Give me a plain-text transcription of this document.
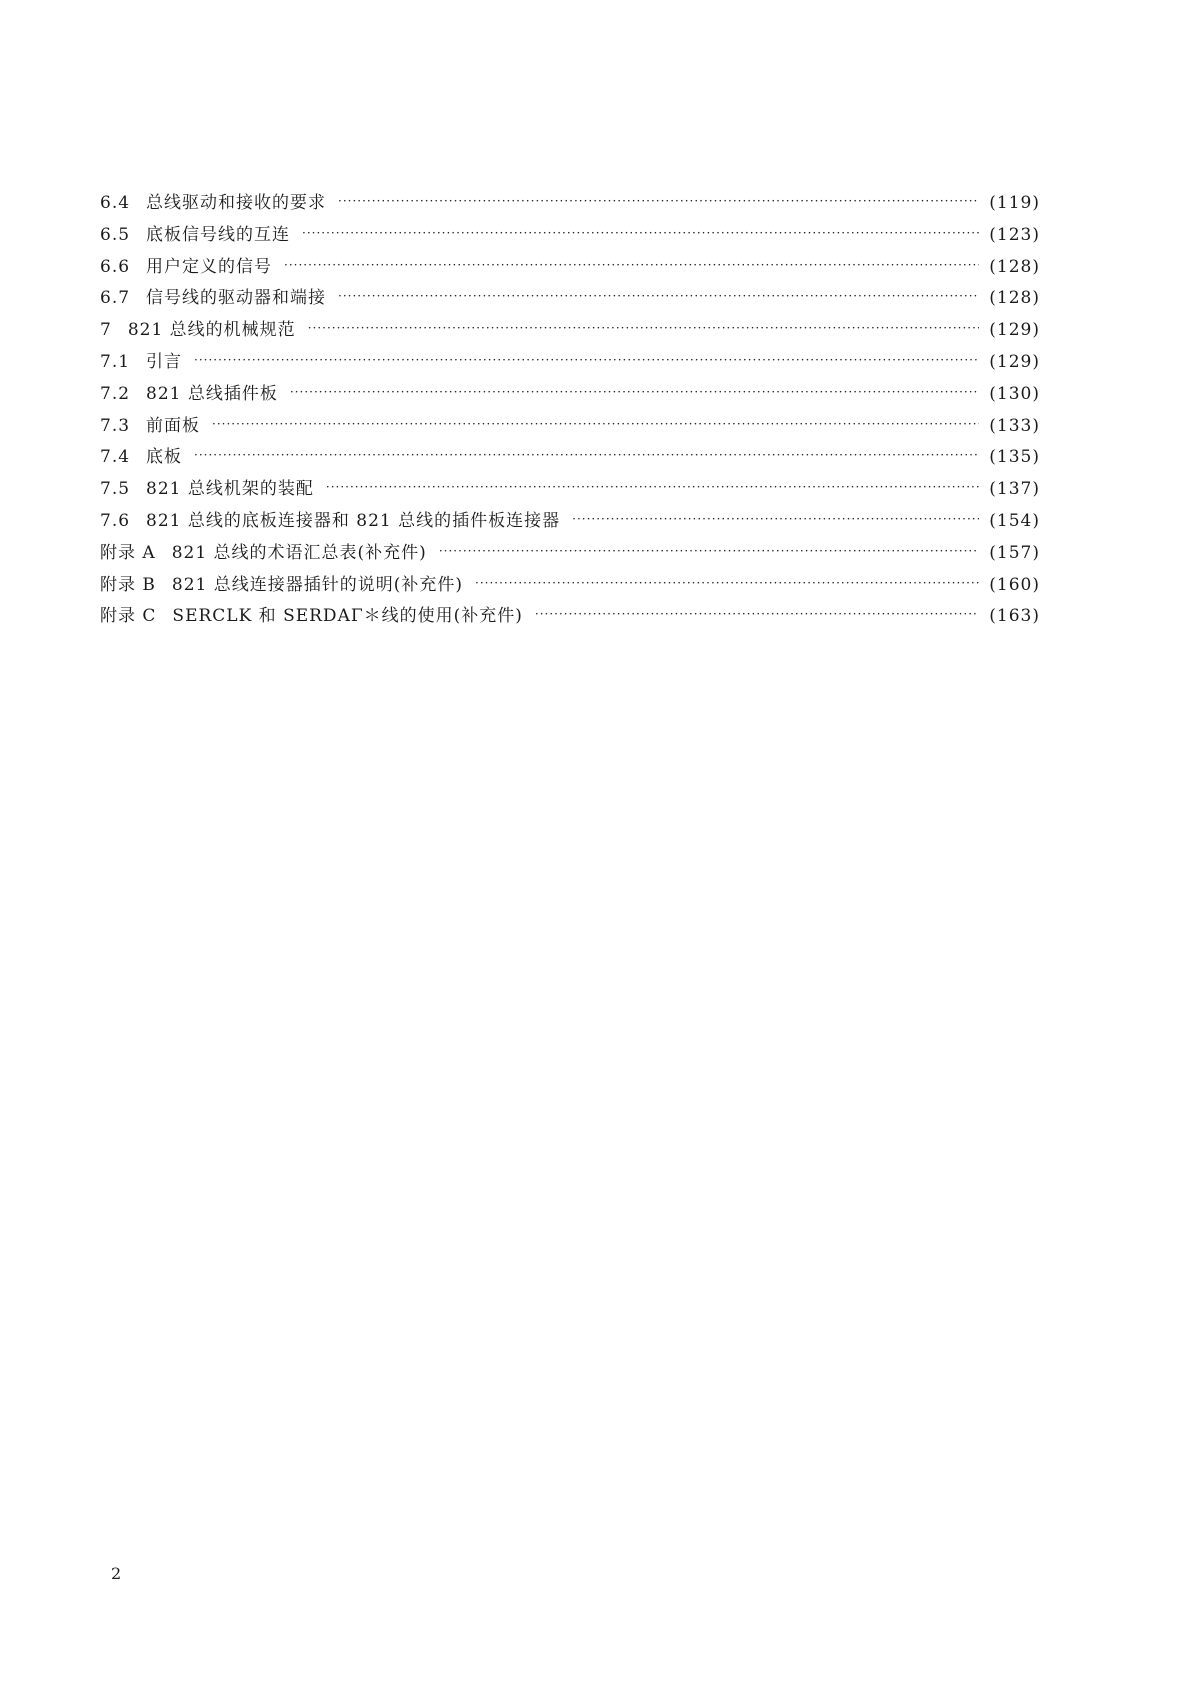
6.4 总线驱动和接收的要求 ·····	(119)
6.5 底板信号线的互连 ·····	(123)
6.6 用户定义的信号 ·····	(128)
6.7 信号线的驱动器和端接 ·····	(128)
7 821 总线的机械规范 ·····	(129)
7.1 引言 ·····	(129)
7.2 821 总线插件板 ·····	(130)
7.3 前面板 ·····	(133)
7.4 底板 ·····	(135)
7.5 821 总线机架的装配 ·····	(137)
7.6 821 总线的底板连接器和 821 总线的插件板连接器 ·····	(154)
附录 A 821 总线的术语汇总表(补充件) ·····	(157)
附录 B 821 总线连接器插针的说明(补充件) ·····	(160)
附录 C SERCLK 和 SERDAΓ＊线的使用(补充件) ·····	(163)
2
